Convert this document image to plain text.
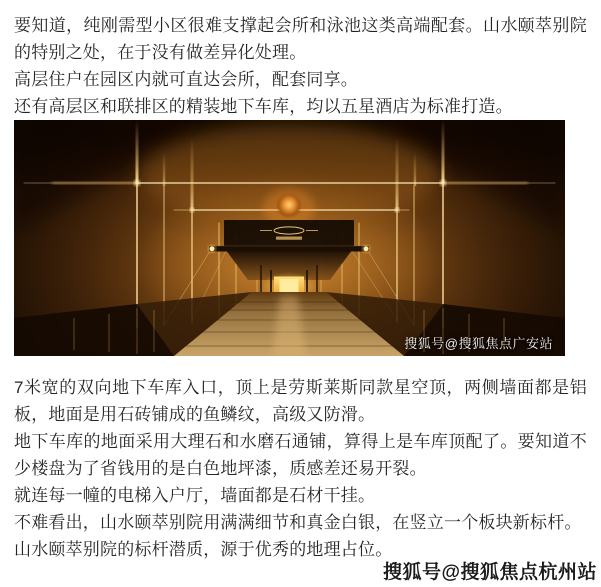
要知道，纯刚需型小区很难支撑起会所和泳池这类高端配套。山水颐萃别院的特别之处，在于没有做差异化处理。

高层住户在园区内就可直达会所，配套同享。

还有高层区和联排区的精装地下车库，均以五星酒店为标准打造。

搜狐号@搜狐焦点广安站

7米宽的双向地下车库入口，顶上是劳斯莱斯同款星空顶，两侧墙面都是铝板，地面是用石砖铺成的鱼鳞纹，高级又防滑。

地下车库的地面采用大理石和水磨石通铺，算得上是车库顶配了。要知道不少楼盘为了省钱用的是白色地坪漆，质感差还易开裂。

就连每一幢的电梯入户厅，墙面都是石材干挂。

不难看出，山水颐萃别院用满满细节和真金白银，在竖立一个板块新标杆。

山水颐萃别院的标杆潜质，源于优秀的地理占位。

搜狐号@搜狐焦点杭州站
